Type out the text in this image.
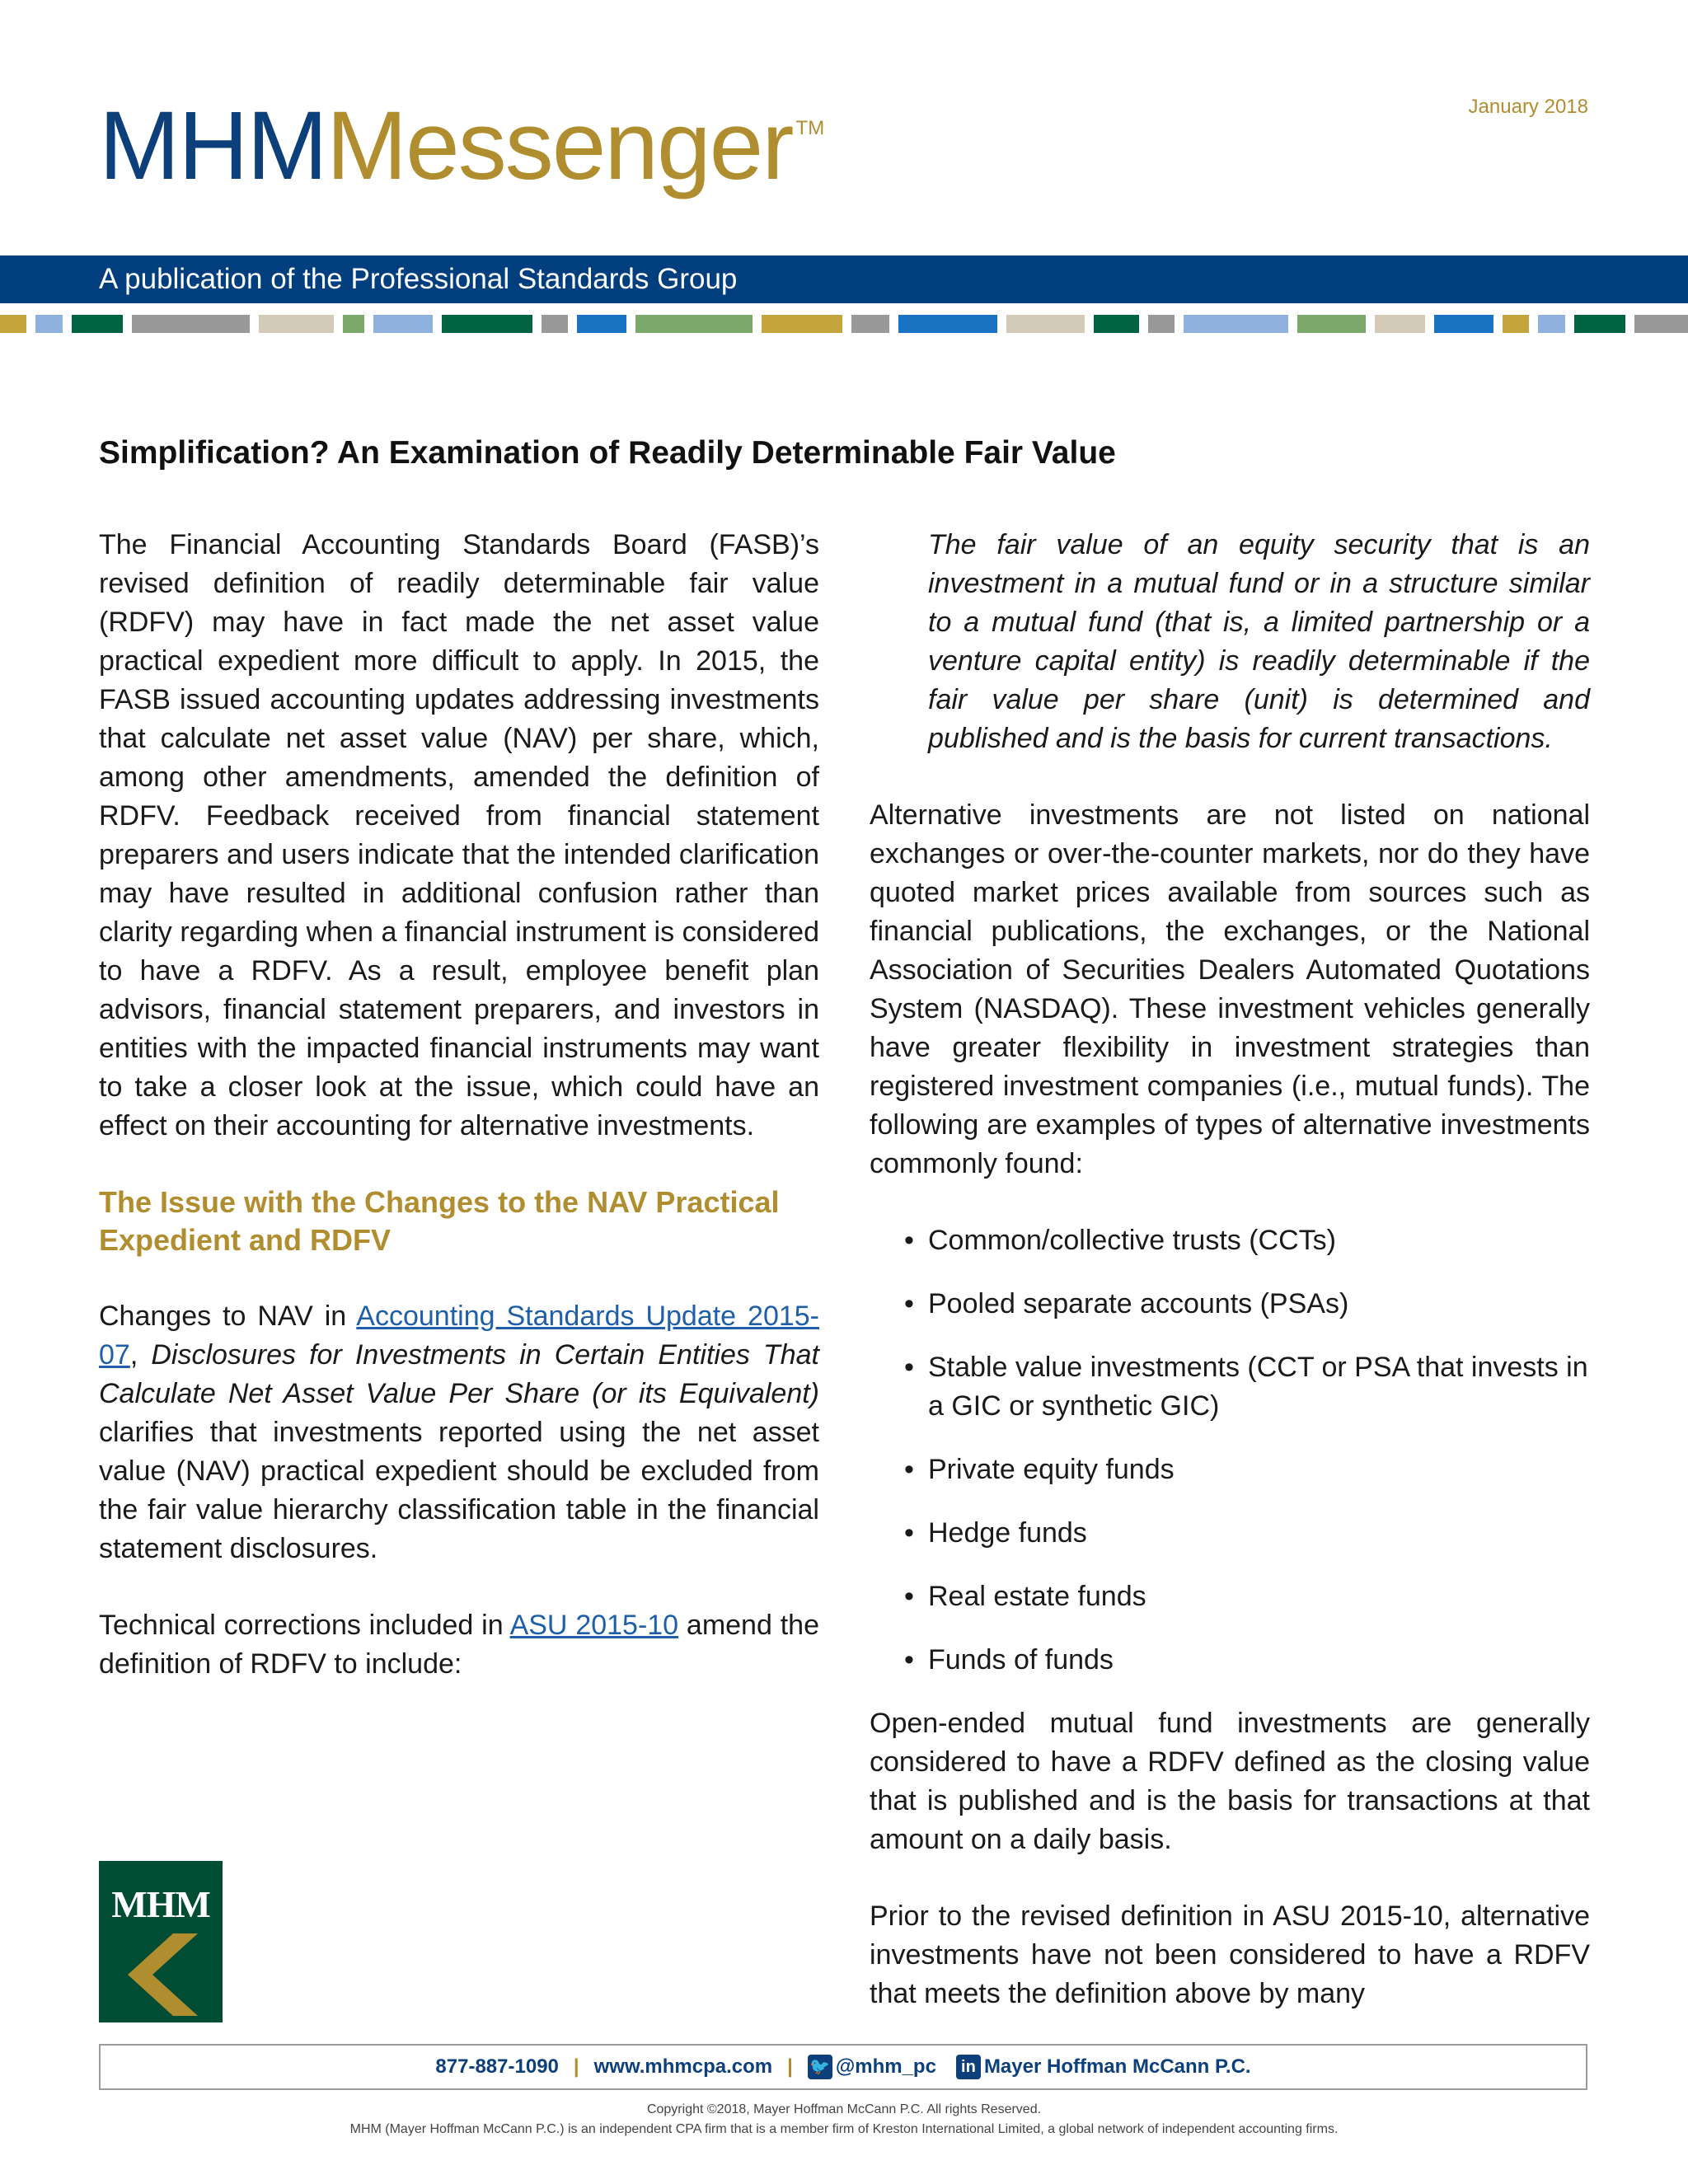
MHMMessenger TM
January 2018
A publication of the Professional Standards Group
Simplification? An Examination of Readily Determinable Fair Value

The Financial Accounting Standards Board (FASB)’s revised definition of readily determinable fair value (RDFV) may have in fact made the net asset value practical expedient more difficult to apply. In 2015, the FASB issued accounting updates addressing investments that calculate net asset value (NAV) per share, which, among other amendments, amended the definition of RDFV. Feedback received from financial statement preparers and users indicate that the intended clarification may have resulted in additional confusion rather than clarity regarding when a financial instrument is considered to have a RDFV. As a result, employee benefit plan advisors, financial statement preparers, and investors in entities with the impacted financial instruments may want to take a closer look at the issue, which could have an effect on their accounting for alternative investments.

The Issue with the Changes to the NAV Practical Expedient and RDFV

Changes to NAV in Accounting Standards Update 2015-07, Disclosures for Investments in Certain Entities That Calculate Net Asset Value Per Share (or its Equivalent) clarifies that investments reported using the net asset value (NAV) practical expedient should be excluded from the fair value hierarchy classification table in the financial statement disclosures.

Technical corrections included in ASU 2015-10 amend the definition of RDFV to include:

The fair value of an equity security that is an investment in a mutual fund or in a structure similar to a mutual fund (that is, a limited partnership or a venture capital entity) is readily determinable if the fair value per share (unit) is determined and published and is the basis for current transactions.

Alternative investments are not listed on national exchanges or over-the-counter markets, nor do they have quoted market prices available from sources such as financial publications, the exchanges, or the National Association of Securities Dealers Automated Quotations System (NASDAQ). These investment vehicles generally have greater flexibility in investment strategies than registered investment companies (i.e., mutual funds). The following are examples of types of alternative investments commonly found:

• Common/collective trusts (CCTs)
• Pooled separate accounts (PSAs)
• Stable value investments (CCT or PSA that invests in a GIC or synthetic GIC)
• Private equity funds
• Hedge funds
• Real estate funds
• Funds of funds

Open-ended mutual fund investments are generally considered to have a RDFV defined as the closing value that is published and is the basis for transactions at that amount on a daily basis.

Prior to the revised definition in ASU 2015-10, alternative investments have not been considered to have a RDFV that meets the definition above by many

MHM
877-887-1090 | www.mhmcpa.com | 🐦 @mhm_pc	in Mayer Hoffman McCann P.C.
Copyright ©2018, Mayer Hoffman McCann P.C. All rights Reserved.
MHM (Mayer Hoffman McCann P.C.) is an independent CPA firm that is a member firm of Kreston International Limited, a global network of independent accounting firms.
